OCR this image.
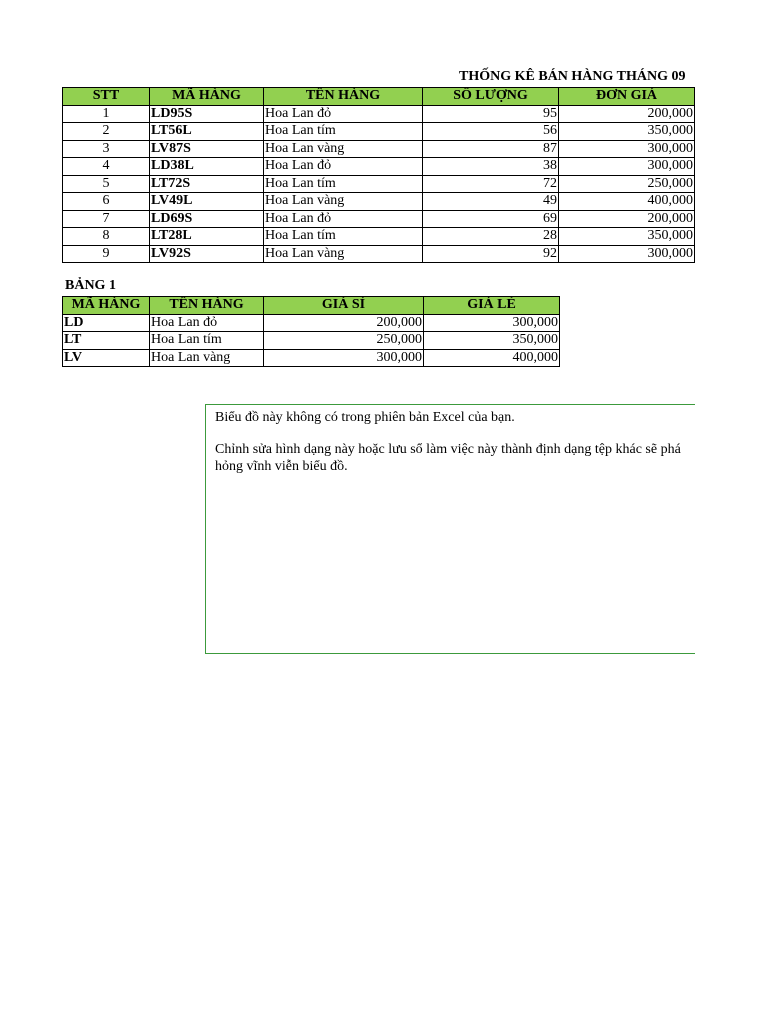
THỐNG KÊ BÁN HÀNG THÁNG 09
STT	MÃ HÀNG	TÊN HÀNG	SỐ LƯỢNG	ĐƠN GIÁ
1	LD95S	Hoa Lan đỏ	95	200,000
2	LT56L	Hoa Lan tím	56	350,000
3	LV87S	Hoa Lan vàng	87	300,000
4	LD38L	Hoa Lan đỏ	38	300,000
5	LT72S	Hoa Lan tím	72	250,000
6	LV49L	Hoa Lan vàng	49	400,000
7	LD69S	Hoa Lan đỏ	69	200,000
8	LT28L	Hoa Lan tím	28	350,000
9	LV92S	Hoa Lan vàng	92	300,000
BẢNG 1
MÃ HÀNG	TÊN HÀNG	GIÁ SỈ	GIÁ LẺ
LD	Hoa Lan đỏ	200,000	300,000
LT	Hoa Lan tím	250,000	350,000
LV	Hoa Lan vàng	300,000	400,000
Biểu đồ này không có trong phiên bản Excel của bạn.
Chỉnh sửa hình dạng này hoặc lưu sổ làm việc này thành định dạng tệp khác sẽ phá hỏng vĩnh viễn biểu đồ.
